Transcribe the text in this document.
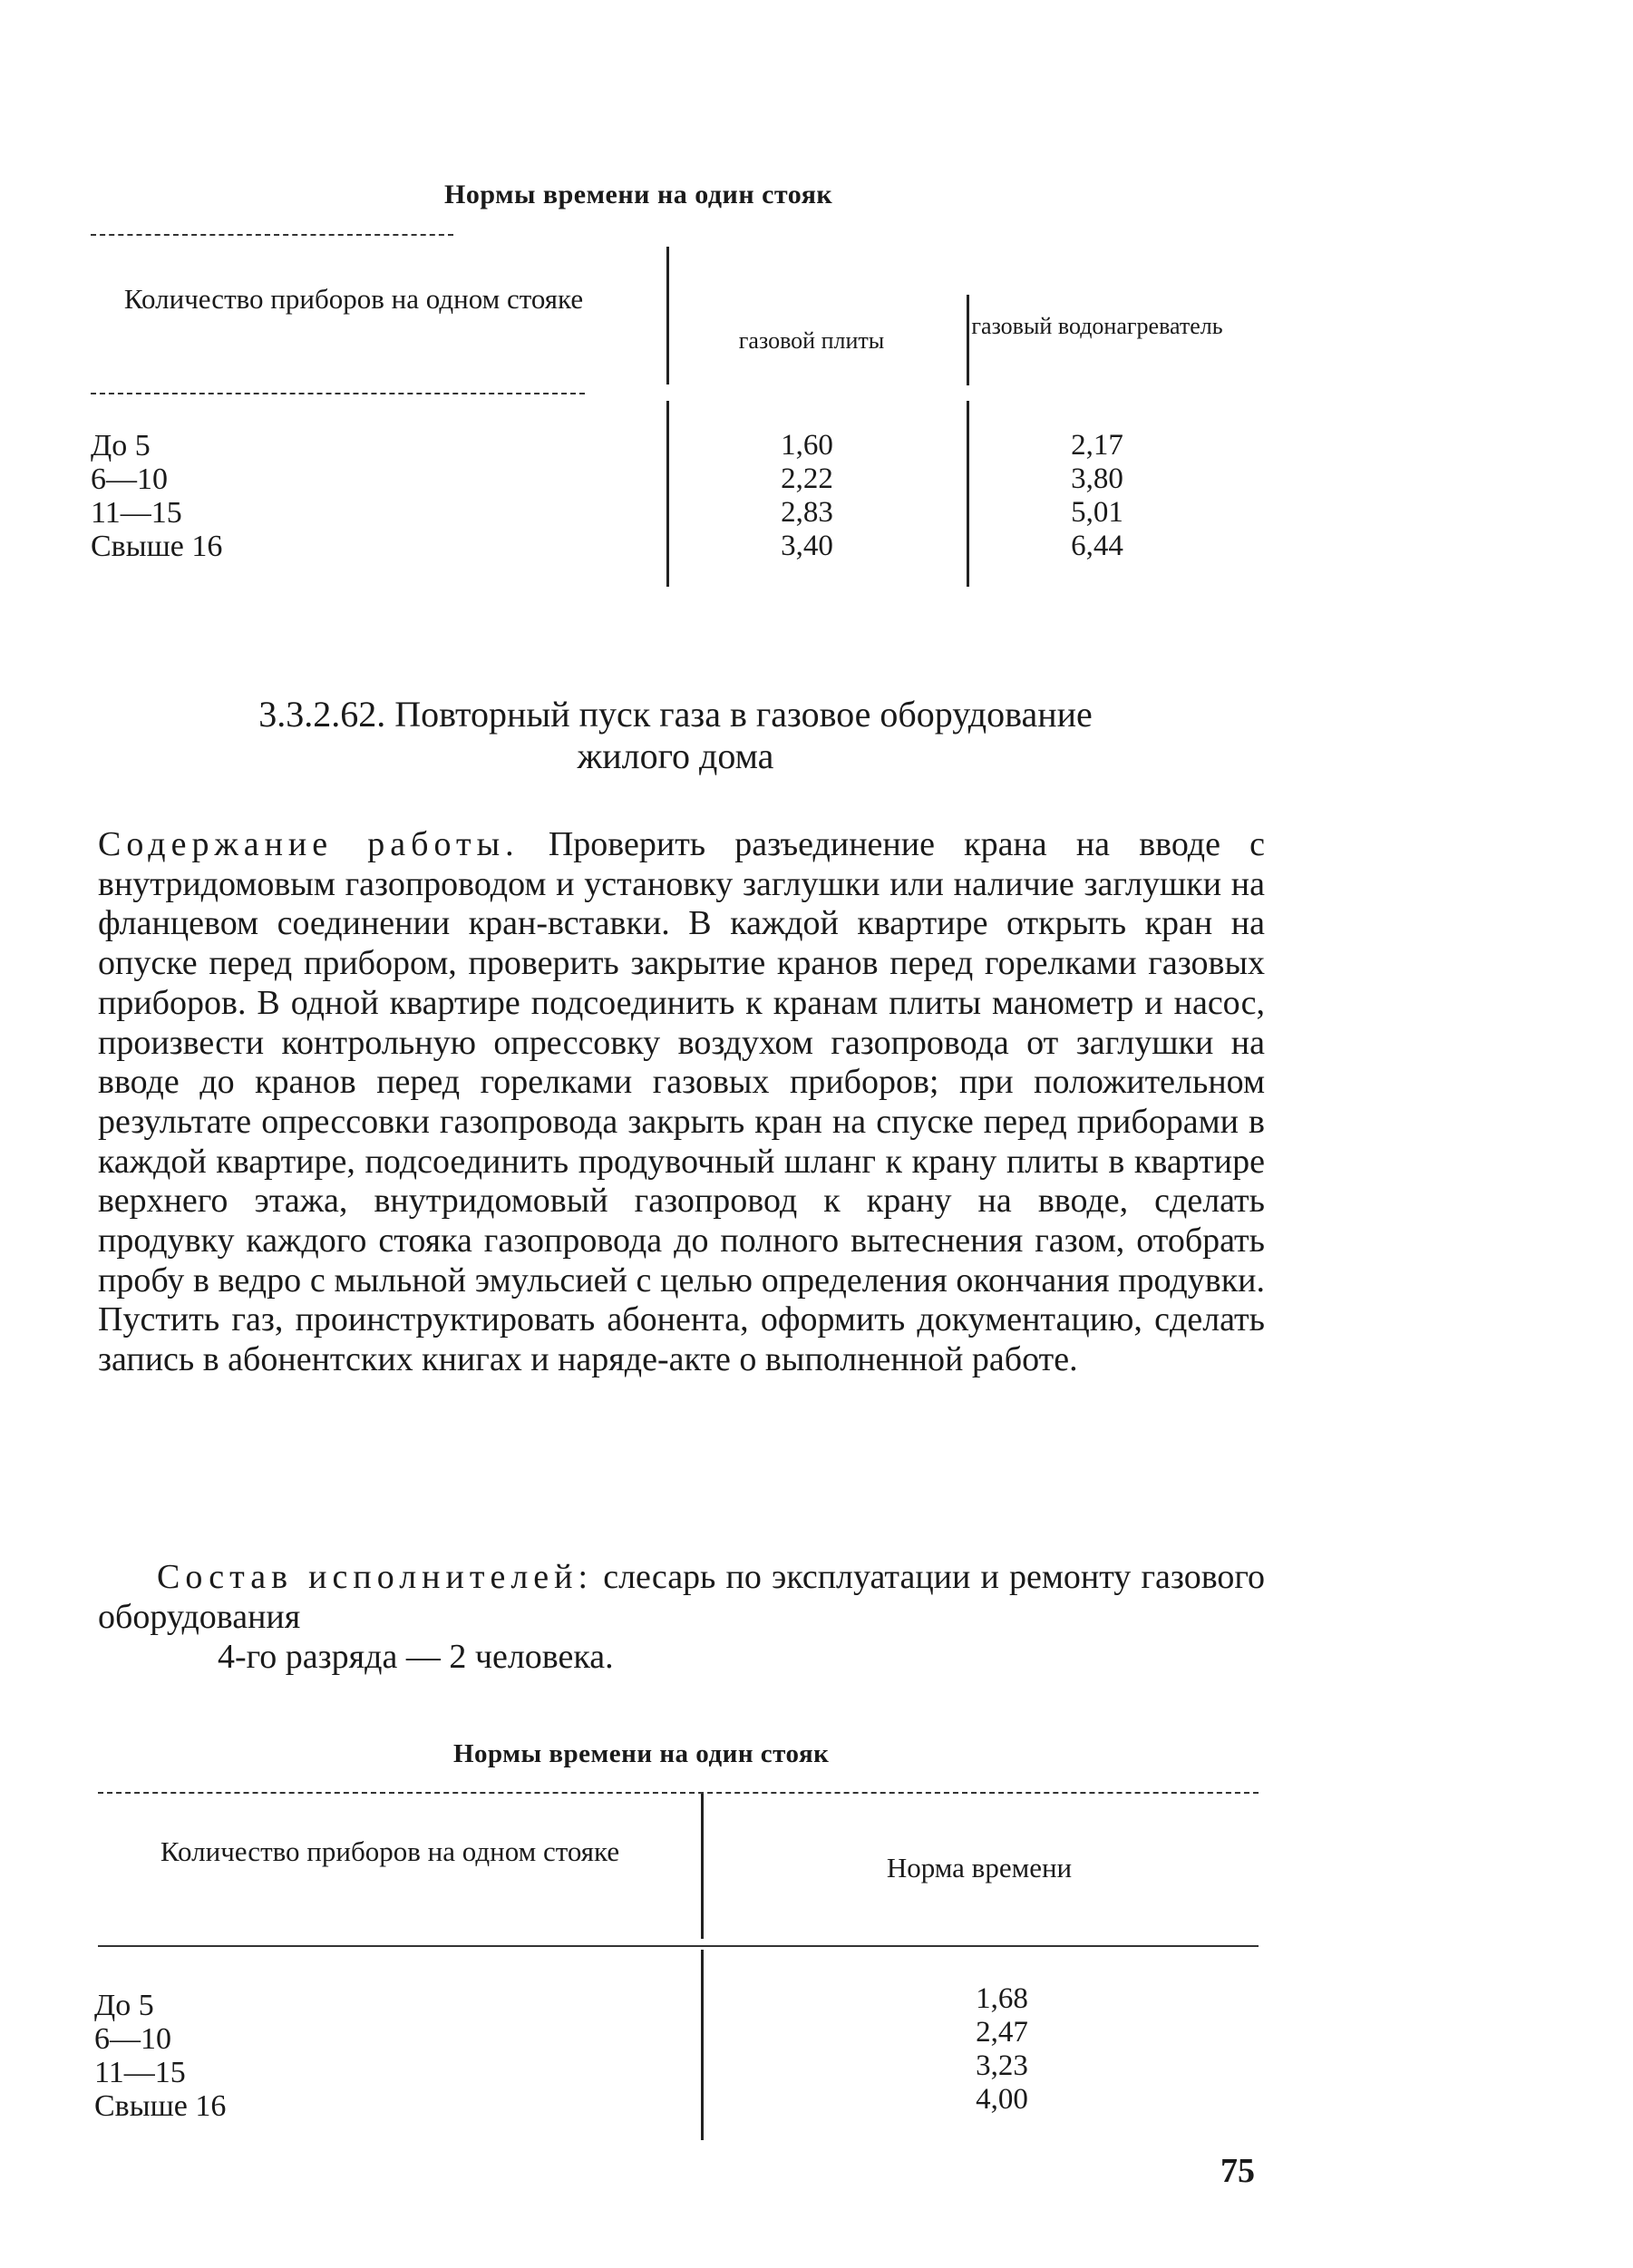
Нормы времени на один стояк
Количество приборов на одном стояке
газовой плиты
газовый водонагреватель
До 5
6—10
11—15
Свыше 16
1,60
2,22
2,83
3,40
2,17
3,80
5,01
6,44
3.3.2.62. Повторный пуск газа в газовое оборудование
жилого дома
Содержание работы. Проверить разъединение крана на вводе с внутридомовым газопроводом и установку заглушки или наличие заглушки на фланцевом соединении кран-вставки. В каждой квартире открыть кран на опуске перед прибором, проверить закрытие кранов перед горелками газовых приборов. В одной квартире подсоединить к кранам плиты манометр и насос, произвести контрольную опрессовку воздухом газопровода от заглушки на вводе до кранов перед горелками газовых приборов; при положительном результате опрессовки газопровода закрыть кран на спуске перед приборами в каждой квартире, подсоединить продувочный шланг к крану плиты в квартире верхнего этажа, внутридомовый газопровод к крану на вводе, сделать продувку каждого стояка газопровода до полного вытеснения газом, отобрать пробу в ведро с мыльной эмульсией с целью определения окончания продувки. Пустить газ, проинструктировать абонента, оформить документацию, сделать запись в абонентских книгах и наряде-акте о выполненной работе.
Состав исполнителей: слесарь по эксплуатации и ремонту газового оборудования
4-го разряда — 2 человека.
Нормы времени на один стояк
Количество приборов на одном стояке
Норма времени
До 5
6—10
11—15
Свыше 16
1,68
2,47
3,23
4,00
75
